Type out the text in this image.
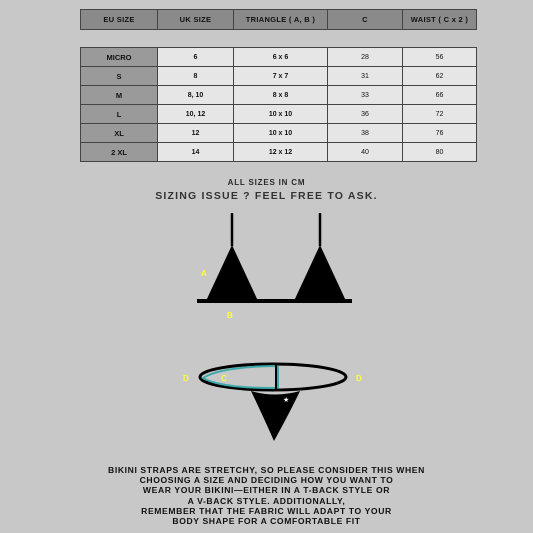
EU SIZE	UK SIZE	TRIANGLE ( A, B )	C	WAIST ( C x 2 )
MICRO	6	6 x 6	28	56
S	8	7 x 7	31	62
M	8, 10	8 x 8	33	66
L	10, 12	10 x 10	36	72
XL	12	10 x 10	38	76
2 XL	14	12 x 12	40	80

ALL SIZES IN CM

SIZING ISSUE ? FEEL FREE TO ASK.

A
B
★
D	C	D
BIKINI STRAPS ARE STRETCHY, SO PLEASE CONSIDER THIS WHEN
CHOOSING A SIZE AND DECIDING HOW YOU WANT TO
WEAR YOUR BIKINI—EITHER IN A T-BACK STYLE OR
A V-BACK STYLE. ADDITIONALLY,
REMEMBER THAT THE FABRIC WILL ADAPT TO YOUR
BODY SHAPE FOR A COMFORTABLE FIT
